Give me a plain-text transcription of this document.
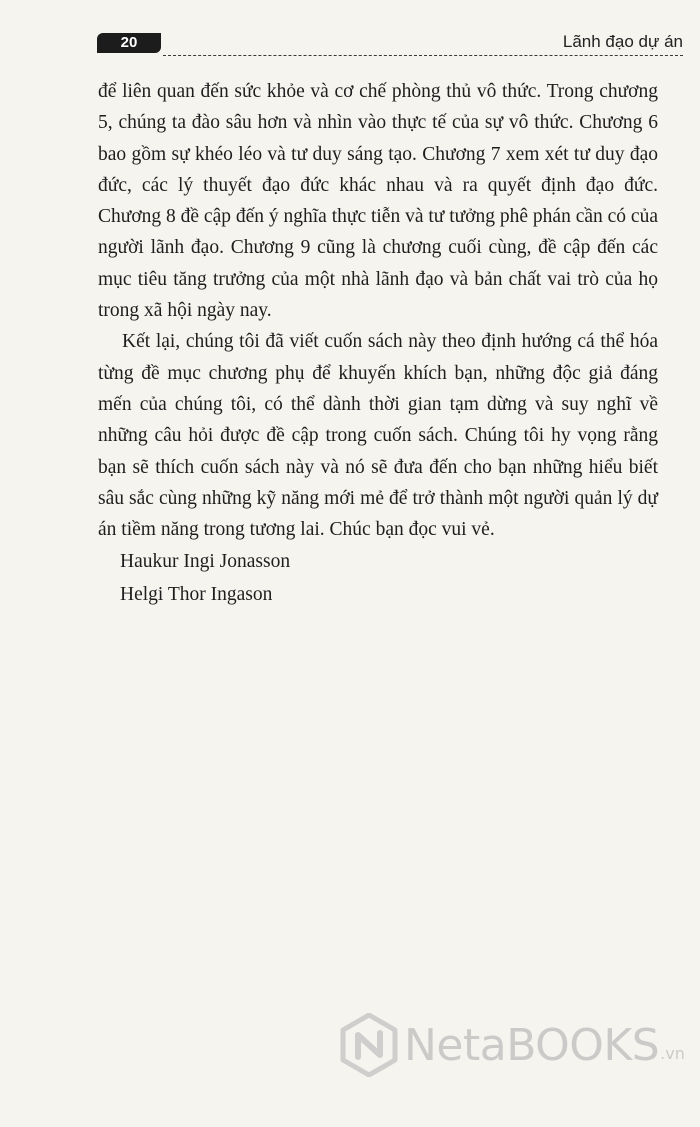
20	Lãnh đạo dự án

để liên quan đến sức khỏe và cơ chế phòng thủ vô thức. Trong chương 5, chúng ta đào sâu hơn và nhìn vào thực tế của sự vô thức. Chương 6 bao gồm sự khéo léo và tư duy sáng tạo. Chương 7 xem xét tư duy đạo đức, các lý thuyết đạo đức khác nhau và ra quyết định đạo đức. Chương 8 đề cập đến ý nghĩa thực tiễn và tư tưởng phê phán cần có của người lãnh đạo. Chương 9 cũng là chương cuối cùng, đề cập đến các mục tiêu tăng trưởng của một nhà lãnh đạo và bản chất vai trò của họ trong xã hội ngày nay.

Kết lại, chúng tôi đã viết cuốn sách này theo định hướng cá thể hóa từng đề mục chương phụ để khuyến khích bạn, những độc giả đáng mến của chúng tôi, có thể dành thời gian tạm dừng và suy nghĩ về những câu hỏi được đề cập trong cuốn sách. Chúng tôi hy vọng rằng bạn sẽ thích cuốn sách này và nó sẽ đưa đến cho bạn những hiểu biết sâu sắc cùng những kỹ năng mới mẻ để trở thành một người quản lý dự án tiềm năng trong tương lai. Chúc bạn đọc vui vẻ.

Haukur Ingi Jonasson
Helgi Thor Ingason
NetaBOOKS .vn
